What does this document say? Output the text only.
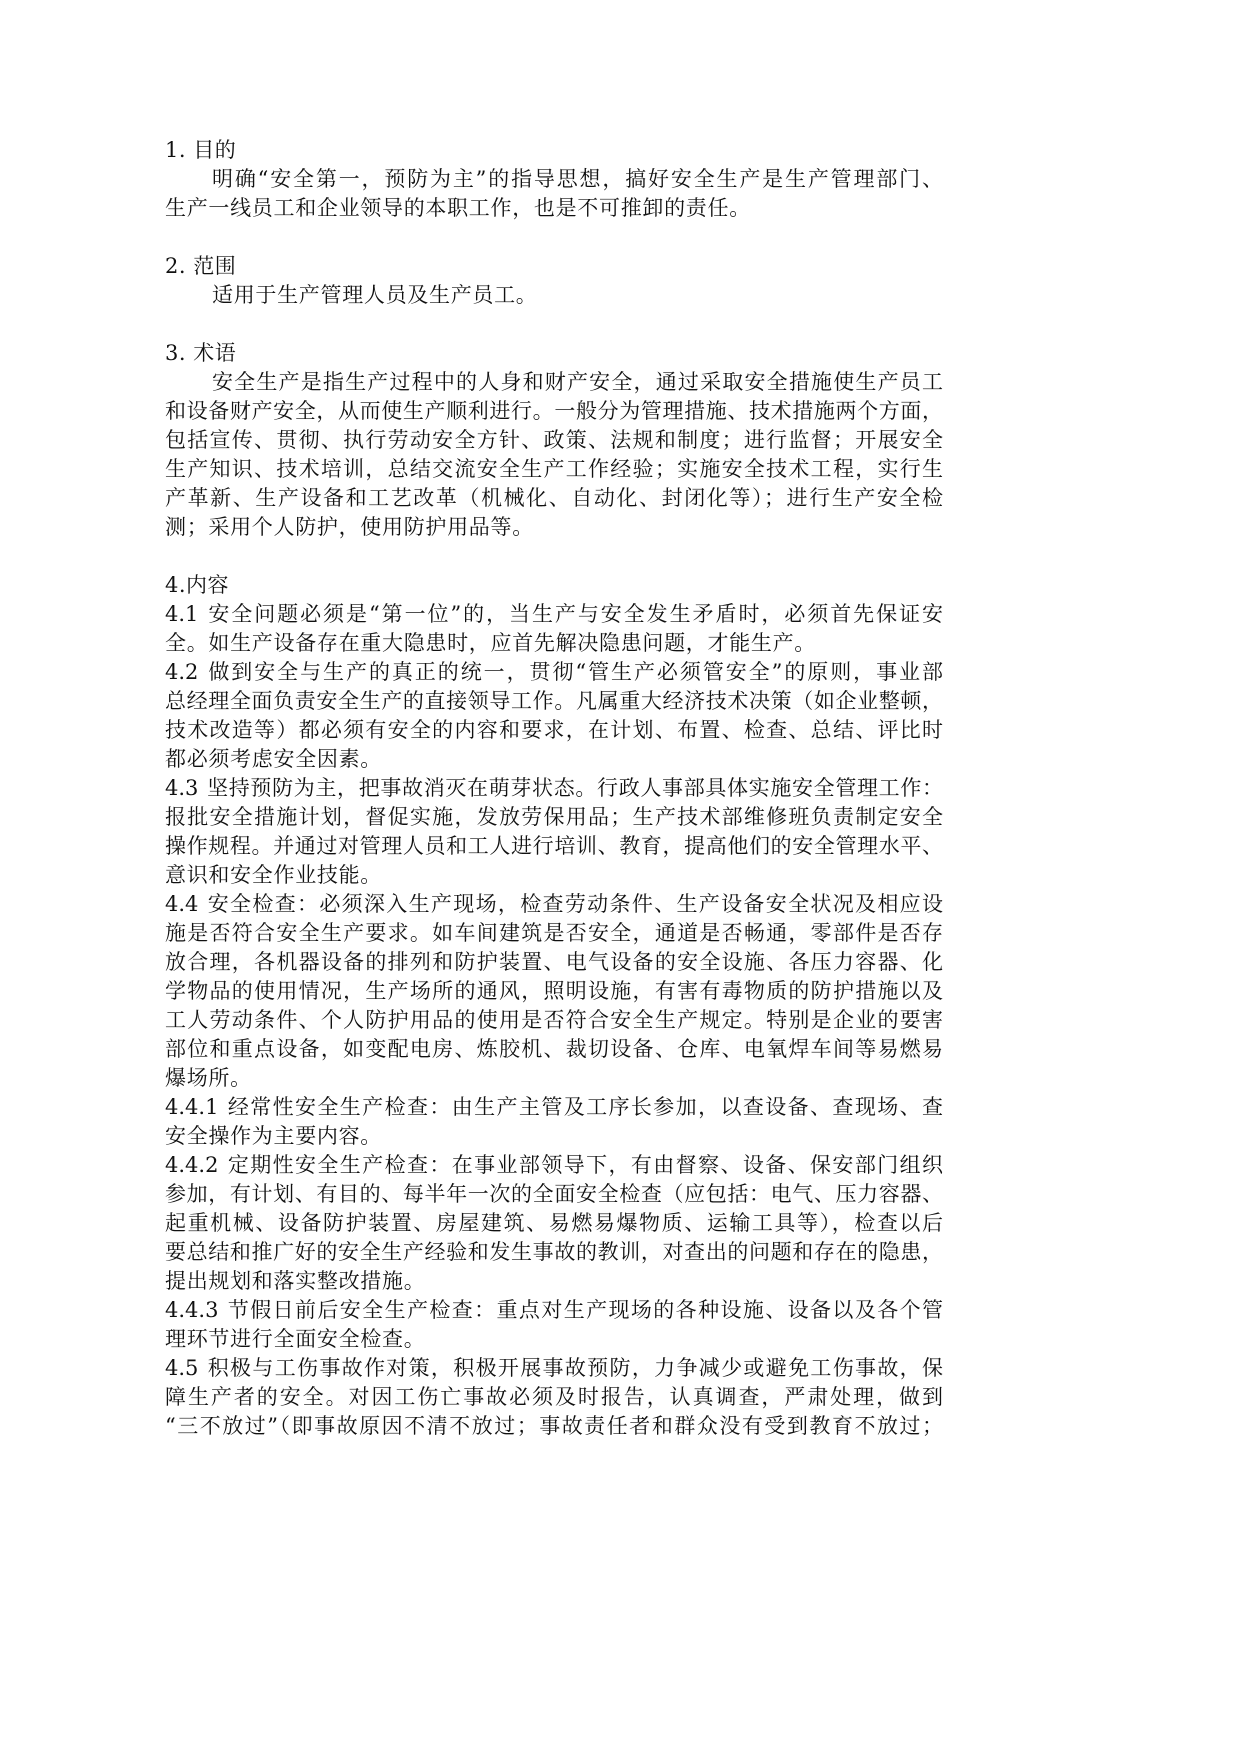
1. 目的
明确“安全第一，预防为主”的指导思想，搞好安全生产是生产管理部门、
生产一线员工和企业领导的本职工作，也是不可推卸的责任。
2. 范围
适用于生产管理人员及生产员工。
3. 术语
安全生产是指生产过程中的人身和财产安全，通过采取安全措施使生产员工
和设备财产安全，从而使生产顺利进行。一般分为管理措施、技术措施两个方面，
包括宣传、贯彻、执行劳动安全方针、政策、法规和制度；进行监督；开展安全
生产知识、技术培训，总结交流安全生产工作经验；实施安全技术工程，实行生
产革新、生产设备和工艺改革（机械化、自动化、封闭化等）；进行生产安全检
测；采用个人防护，使用防护用品等。
4.内容
4.1 安全问题必须是“第一位”的，当生产与安全发生矛盾时，必须首先保证安
全。如生产设备存在重大隐患时，应首先解决隐患问题，才能生产。
4.2 做到安全与生产的真正的统一，贯彻“管生产必须管安全”的原则，事业部
总经理全面负责安全生产的直接领导工作。凡属重大经济技术决策（如企业整顿，
技术改造等）都必须有安全的内容和要求，在计划、布置、检查、总结、评比时
都必须考虑安全因素。
4.3 坚持预防为主，把事故消灭在萌芽状态。行政人事部具体实施安全管理工作：
报批安全措施计划，督促实施，发放劳保用品；生产技术部维修班负责制定安全
操作规程。并通过对管理人员和工人进行培训、教育，提高他们的安全管理水平、
意识和安全作业技能。
4.4 安全检查：必须深入生产现场，检查劳动条件、生产设备安全状况及相应设
施是否符合安全生产要求。如车间建筑是否安全，通道是否畅通，零部件是否存
放合理，各机器设备的排列和防护装置、电气设备的安全设施、各压力容器、化
学物品的使用情况，生产场所的通风，照明设施，有害有毒物质的防护措施以及
工人劳动条件、个人防护用品的使用是否符合安全生产规定。特别是企业的要害
部位和重点设备，如变配电房、炼胶机、裁切设备、仓库、电氧焊车间等易燃易
爆场所。
4.4.1 经常性安全生产检查：由生产主管及工序长参加，以查设备、查现场、查
安全操作为主要内容。
4.4.2 定期性安全生产检查：在事业部领导下，有由督察、设备、保安部门组织
参加，有计划、有目的、每半年一次的全面安全检查（应包括：电气、压力容器、
起重机械、设备防护装置、房屋建筑、易燃易爆物质、运输工具等），检查以后
要总结和推广好的安全生产经验和发生事故的教训，对查出的问题和存在的隐患，
提出规划和落实整改措施。
4.4.3 节假日前后安全生产检查：重点对生产现场的各种设施、设备以及各个管
理环节进行全面安全检查。
4.5 积极与工伤事故作对策，积极开展事故预防，力争减少或避免工伤事故，保
障生产者的安全。对因工伤亡事故必须及时报告，认真调查，严肃处理，做到
“三不放过”（即事故原因不清不放过；事故责任者和群众没有受到教育不放过；
